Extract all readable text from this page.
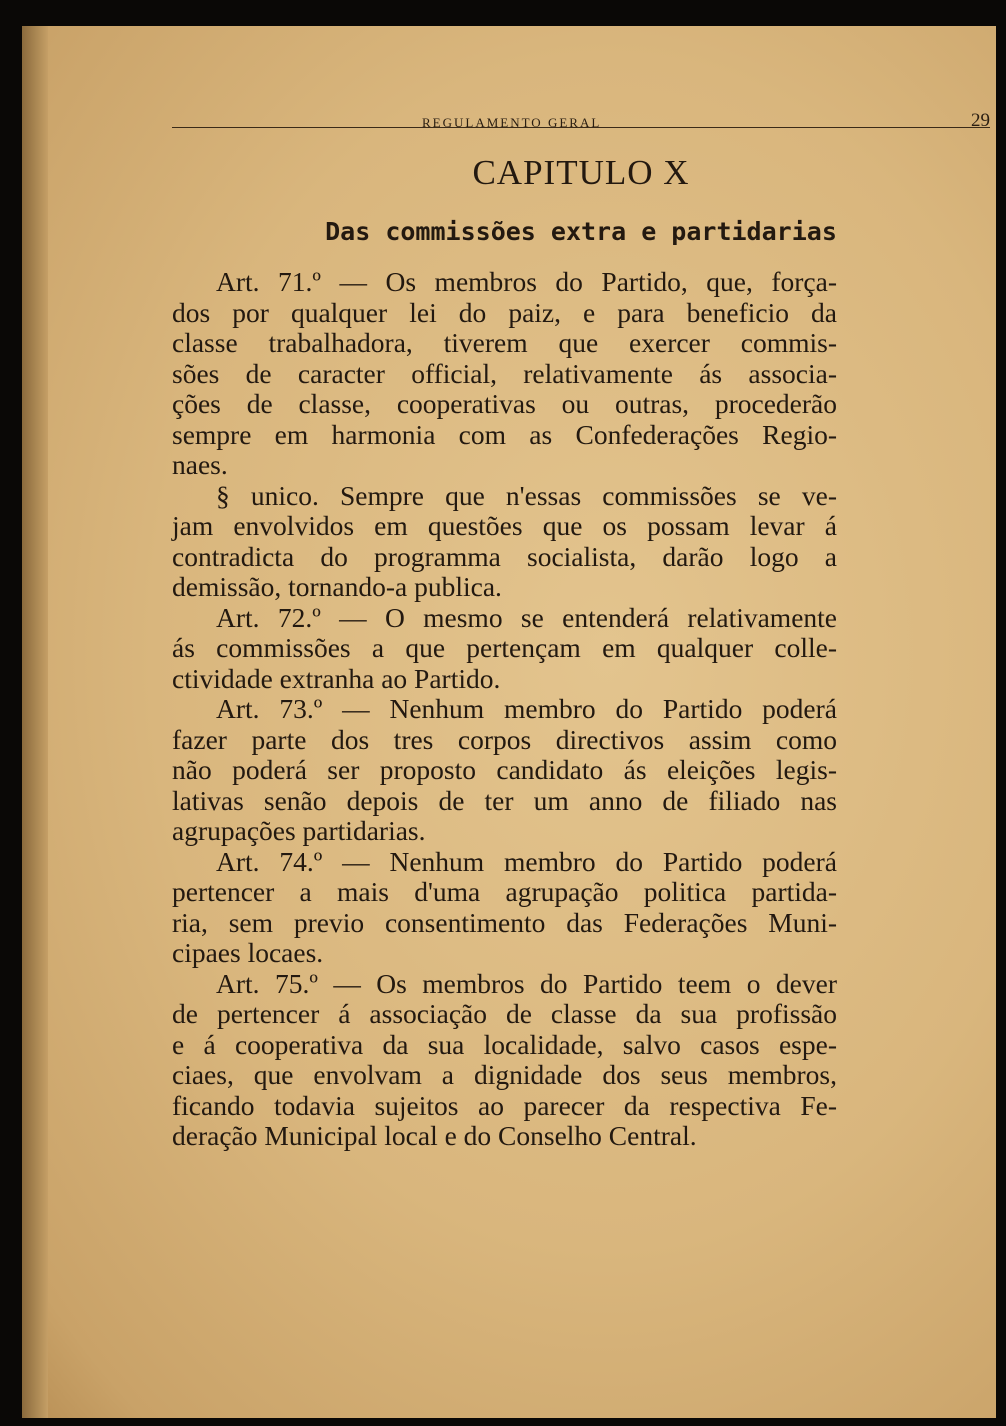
REGULAMENTO GERAL	29
CAPITULO X
Das commissões extra e partidarias
Art. 71.º — Os membros do Partido, que, força-
dos por qualquer lei do paiz, e para beneficio da
classe trabalhadora, tiverem que exercer commis-
sões de caracter official, relativamente ás associa-
ções de classe, cooperativas ou outras, procederão
sempre em harmonia com as Confederações Regio-
naes.
§ unico. Sempre que n'essas commissões se ve-
jam envolvidos em questões que os possam levar á
contradicta do programma socialista, darão logo a
demissão, tornando-a publica.
Art. 72.º — O mesmo se entenderá relativamente
ás commissões a que pertençam em qualquer colle-
ctividade extranha ao Partido.
Art. 73.º — Nenhum membro do Partido poderá
fazer parte dos tres corpos directivos assim como
não poderá ser proposto candidato ás eleições legis-
lativas senão depois de ter um anno de filiado nas
agrupações partidarias.
Art. 74.º — Nenhum membro do Partido poderá
pertencer a mais d'uma agrupação politica partida-
ria, sem previo consentimento das Federações Muni-
cipaes locaes.
Art. 75.º — Os membros do Partido teem o dever
de pertencer á associação de classe da sua profissão
e á cooperativa da sua localidade, salvo casos espe-
ciaes, que envolvam a dignidade dos seus membros,
ficando todavia sujeitos ao parecer da respectiva Fe-
deração Municipal local e do Conselho Central.
